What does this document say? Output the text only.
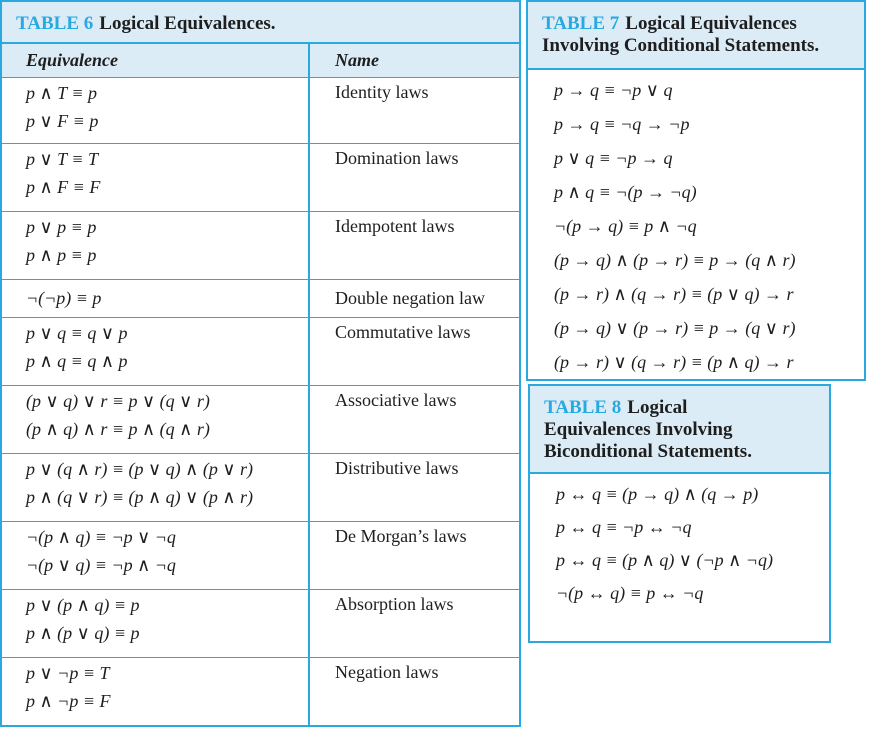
TABLE 6 Logical Equivalences.
Equivalence	Name
p ∧ T ≡ p
p ∨ F ≡ p
Identity laws
p ∨ T ≡ T
p ∧ F ≡ F
Domination laws
p ∨ p ≡ p
p ∧ p ≡ p
Idempotent laws
¬(¬p) ≡ p	Double negation law
p ∨ q ≡ q ∨ p
p ∧ q ≡ q ∧ p
Commutative laws
(p ∨ q) ∨ r ≡ p ∨ (q ∨ r)
(p ∧ q) ∧ r ≡ p ∧ (q ∧ r)
Associative laws
p ∨ (q ∧ r) ≡ (p ∨ q) ∧ (p ∨ r)
p ∧ (q ∨ r) ≡ (p ∧ q) ∨ (p ∧ r)
Distributive laws
¬(p ∧ q) ≡ ¬p ∨ ¬q
¬(p ∨ q) ≡ ¬p ∧ ¬q
De Morgan’s laws
p ∨ (p ∧ q) ≡ p
p ∧ (p ∨ q) ≡ p
Absorption laws
p ∨ ¬p ≡ T
p ∧ ¬p ≡ F
Negation laws
TABLE 7 Logical Equivalences
Involving Conditional Statements.
p → q ≡ ¬p ∨ q
p → q ≡ ¬q → ¬p
p ∨ q ≡ ¬p → q
p ∧ q ≡ ¬(p → ¬q)
¬(p → q) ≡ p ∧ ¬q
(p → q) ∧ (p → r) ≡ p → (q ∧ r)
(p → r) ∧ (q → r) ≡ (p ∨ q) → r
(p → q) ∨ (p → r) ≡ p → (q ∨ r)
(p → r) ∨ (q → r) ≡ (p ∧ q) → r
TABLE 8 Logical
Equivalences Involving
Biconditional Statements.
p ↔ q ≡ (p → q) ∧ (q → p)
p ↔ q ≡ ¬p ↔ ¬q
p ↔ q ≡ (p ∧ q) ∨ (¬p ∧ ¬q)
¬(p ↔ q) ≡ p ↔ ¬q
